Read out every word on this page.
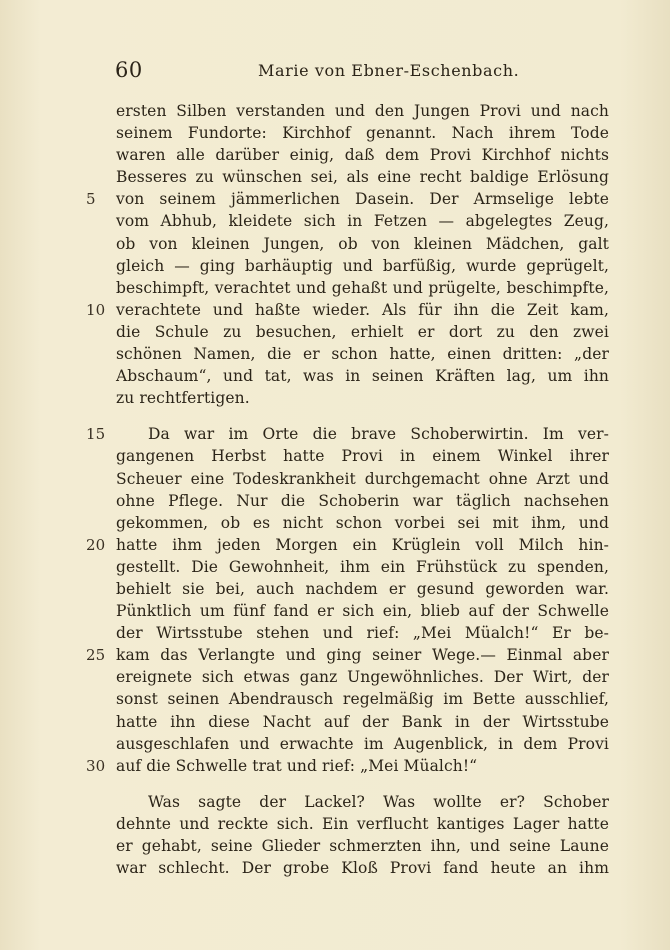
60	Marie von Ebner-Eschenbach.
ersten Silben verstanden und den Jungen Provi und nach
seinem Fundorte: Kirchhof genannt. Nach ihrem Tode
waren alle darüber einig, daß dem Provi Kirchhof nichts
Besseres zu wünschen sei, als eine recht baldige Erlösung
5	von seinem jämmerlichen Dasein. Der Armselige lebte
vom Abhub, kleidete sich in Fetzen — abgelegtes Zeug,
ob von kleinen Jungen, ob von kleinen Mädchen, galt
gleich — ging barhäuptig und barfüßig, wurde geprügelt,
beschimpft, verachtet und gehaßt und prügelte, beschimpfte,
10 verachtete und haßte wieder. Als für ihn die Zeit kam,
die Schule zu besuchen, erhielt er dort zu den zwei
schönen Namen, die er schon hatte, einen dritten: „der
Abschaum“, und tat, was in seinen Kräften lag, um ihn
zu rechtfertigen.
15	Da war im Orte die brave Schoberwirtin. Im ver-
gangenen Herbst hatte Provi in einem Winkel ihrer
Scheuer eine Todeskrankheit durchgemacht ohne Arzt und
ohne Pflege. Nur die Schoberin war täglich nachsehen
gekommen, ob es nicht schon vorbei sei mit ihm, und
20 hatte ihm jeden Morgen ein Krüglein voll Milch hin-
gestellt. Die Gewohnheit, ihm ein Frühstück zu spenden,
behielt sie bei, auch nachdem er gesund geworden war.
Pünktlich um fünf fand er sich ein, blieb auf der Schwelle
der Wirtsstube stehen und rief: „Mei Müalch!“ Er be-
25 kam das Verlangte und ging seiner Wege.— Einmal aber
ereignete sich etwas ganz Ungewöhnliches. Der Wirt, der
sonst seinen Abendrausch regelmäßig im Bette ausschlief,
hatte ihn diese Nacht auf der Bank in der Wirtsstube
ausgeschlafen und erwachte im Augenblick, in dem Provi
30 auf die Schwelle trat und rief: „Mei Müalch!“
Was sagte der Lackel? Was wollte er? Schober
dehnte und reckte sich. Ein verflucht kantiges Lager hatte
er gehabt, seine Glieder schmerzten ihn, und seine Laune
war schlecht. Der grobe Kloß Provi fand heute an ihm
